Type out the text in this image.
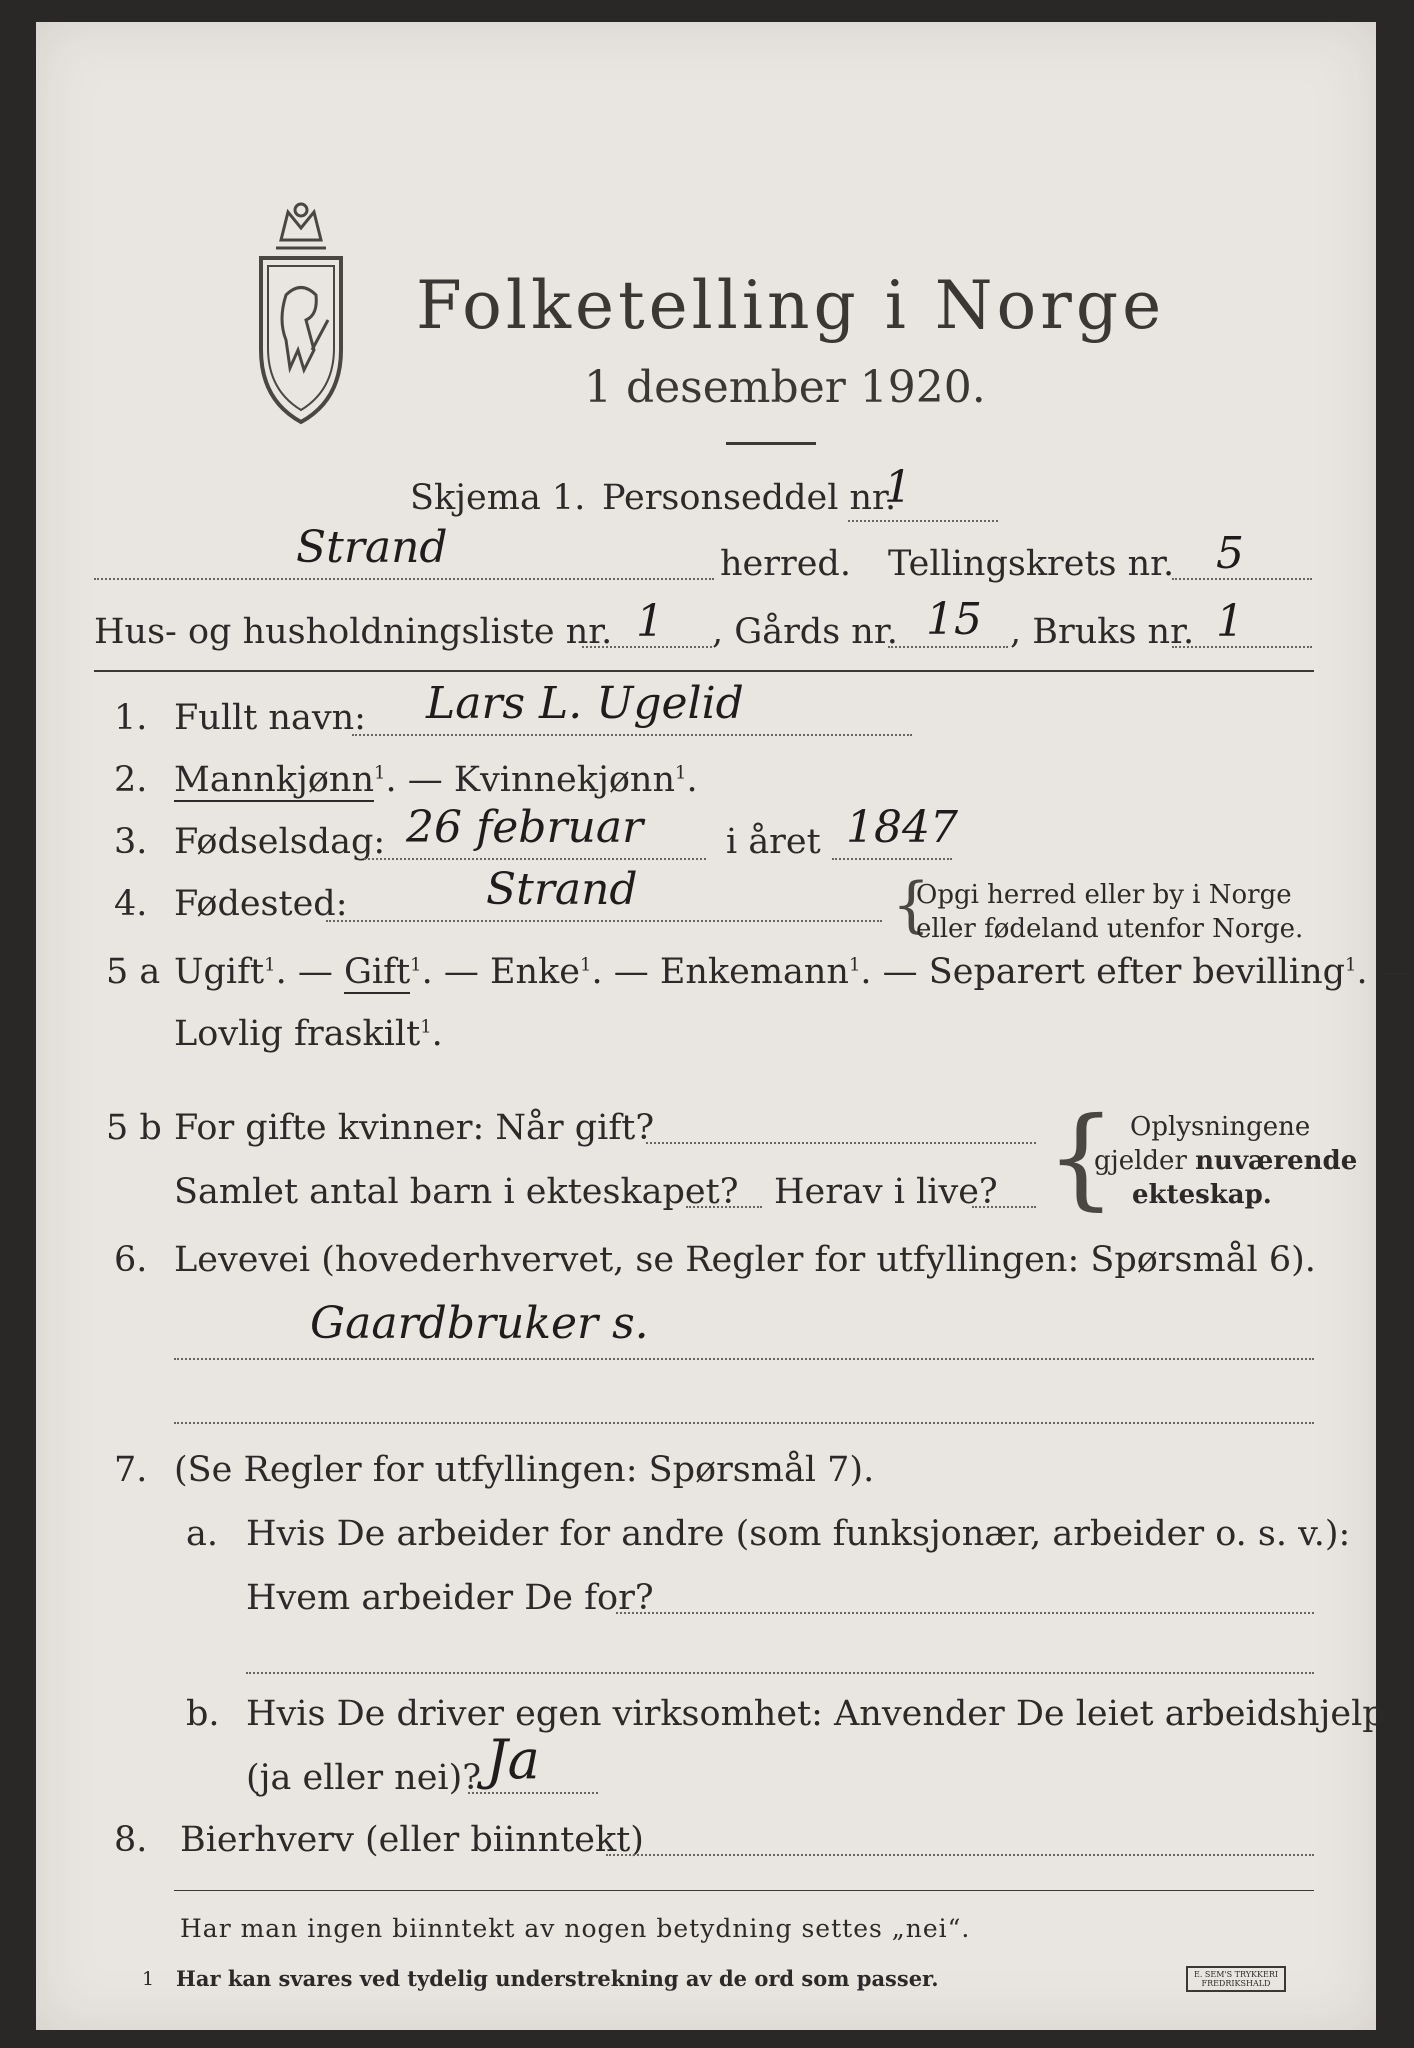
Folketelling i Norge
1 desember 1920.
Skjema 1. Personseddel nr.
1
Strand	herred. Tellingskrets nr. 5
Hus- og husholdningsliste nr. 1 , Gårds nr. 15 , Bruks nr. 1
1. Fullt navn: Lars L. Ugelid
2. Mannkjønn$^1$. — Kvinnekjønn$^1$.
3. Fødselsdag: 26 februar i året 1847
4. Fødested:	Strand	{
Opgi herred eller by i Norge
eller fødeland utenfor Norge.
5 a Ugift$^1$. — Gift$^1$. — Enke$^1$. — Enkemann$^1$. — Separert efter bevilling$^1$. —
Lovlig fraskilt$^1$.
5 b For gifte kvinner: Når gift?
Samlet antal barn i ekteskapet? Herav i live? { Oplysningene
gjelder nuværende
ekteskap.
6. Levevei (hovederhvervet, se Regler for utfyllingen: Spørsmål 6).
Gaardbruker s.
7. (Se Regler for utfyllingen: Spørsmål 7).
a. Hvis De arbeider for andre (som funksjonær, arbeider o. s. v.):
Hvem arbeider De for?
b. Hvis De driver egen virksomhet: Anvender De leiet arbeidshjelp
(ja eller nei)? Ja
8. Bierhverv (eller biinntekt)
Har man ingen biinntekt av nogen betydning settes „nei“.
1 Har kan svares ved tydelig understrekning av de ord som passer.	E. SEM'S TRYKKERI FREDRIKSHALD
